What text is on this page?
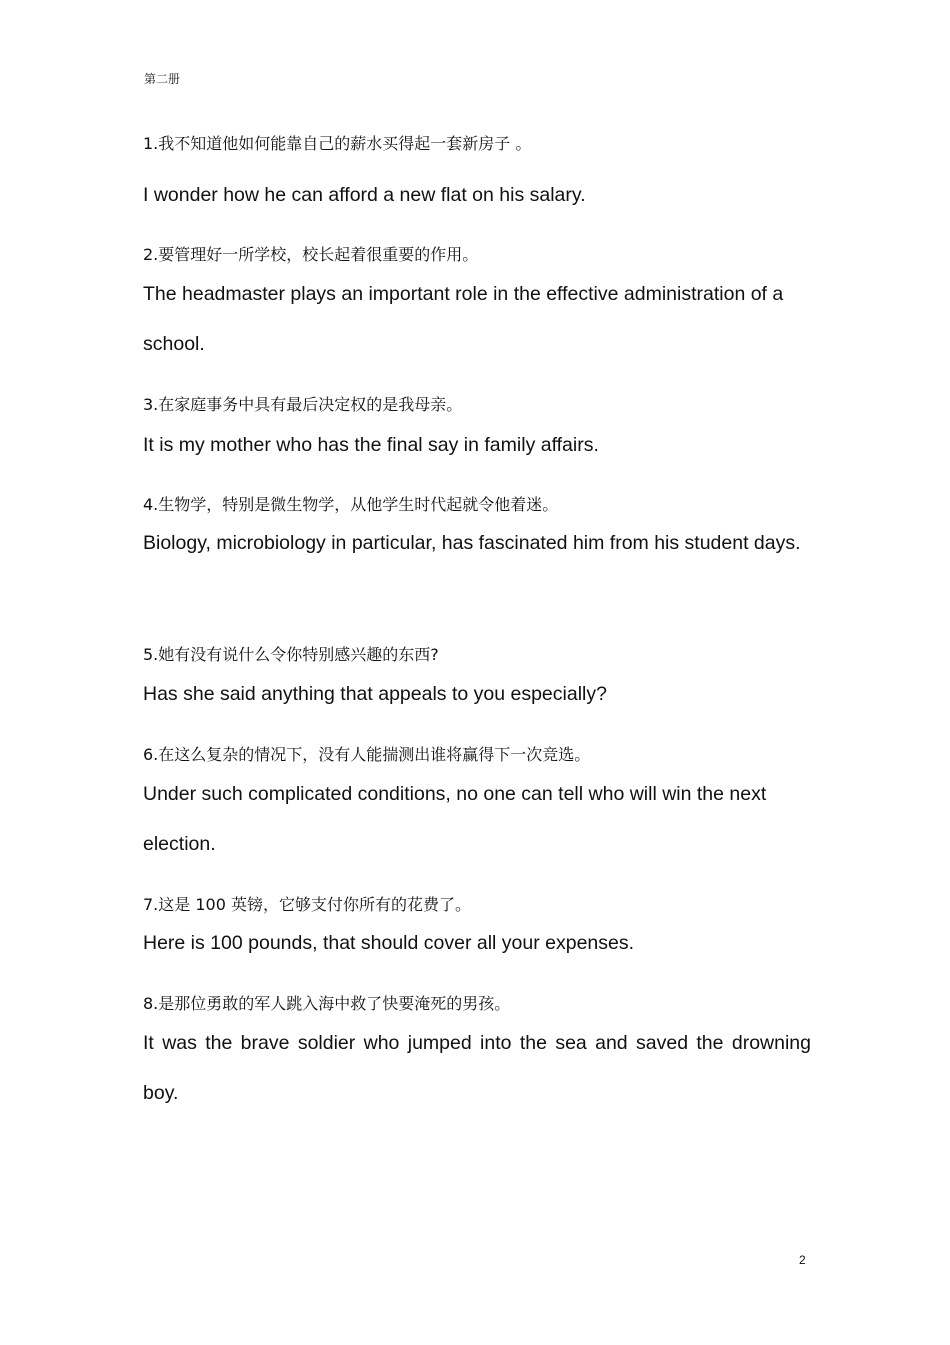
第二册
1.我不知道他如何能靠自己的薪水买得起一套新房子 。
I wonder how he can afford a new flat on his salary.
2.要管理好一所学校，校长起着很重要的作用。
The headmaster plays an important role in the effective administration of a school.
3.在家庭事务中具有最后决定权的是我母亲。
It is my mother who has the final say in family affairs.
4.生物学，特别是微生物学，从他学生时代起就令他着迷。
Biology, microbiology in particular, has fascinated him from his student days.
5.她有没有说什么令你特别感兴趣的东西?
Has she said anything that appeals to you especially?
6.在这么复杂的情况下，没有人能揣测出谁将赢得下一次竞选。
Under such complicated conditions, no one can tell who will win the next election.
7.这是 100 英镑，它够支付你所有的花费了。
Here is 100 pounds, that should cover all your expenses.
8.是那位勇敢的军人跳入海中救了快要淹死的男孩。
It was the brave soldier who jumped into the sea and saved the drowning boy.
2
